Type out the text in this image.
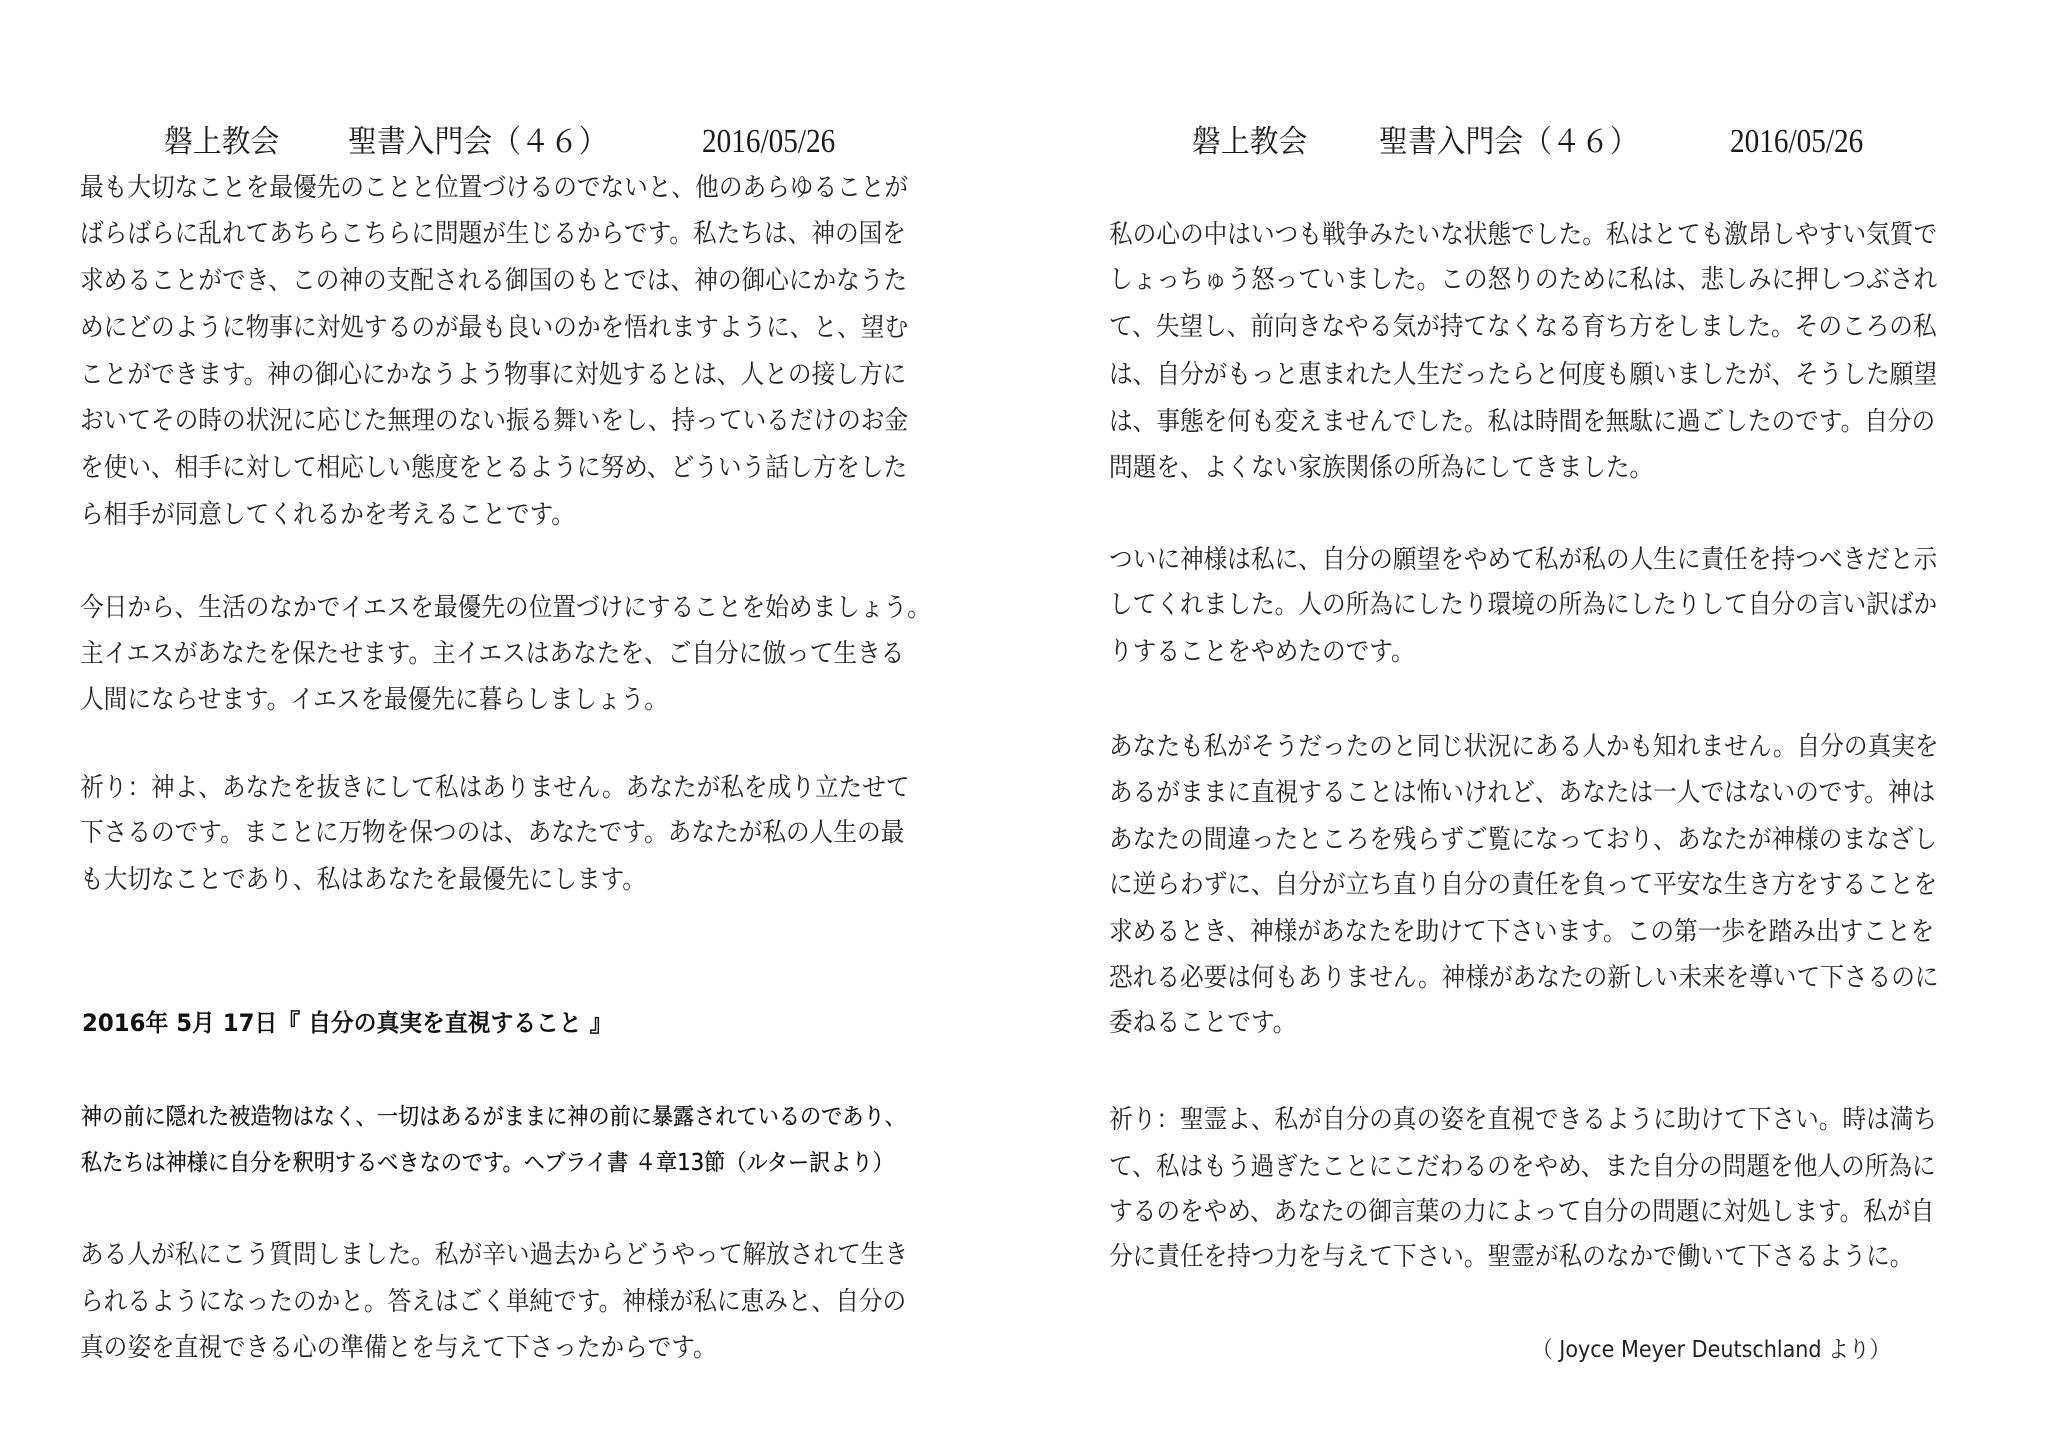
磐上教会 聖書入門会（４６）	2016/05/26
最も大切なことを最優先のことと位置づけるのでないと、他のあらゆることが
ばらばらに乱れてあちらこちらに問題が生じるからです。私たちは、神の国を
求めることができ、この神の支配される御国のもとでは、神の御心にかなうた
めにどのように物事に対処するのが最も良いのかを悟れますように、と、望む
ことができます。神の御心にかなうよう物事に対処するとは、人との接し方に
おいてその時の状況に応じた無理のない振る舞いをし、持っているだけのお金
を使い、相手に対して相応しい態度をとるように努め、どういう話し方をした
ら相手が同意してくれるかを考えることです。
今日から、生活のなかでイエスを最優先の位置づけにすることを始めましょう。
主イエスがあなたを保たせます。主イエスはあなたを、ご自分に倣って生きる
人間にならせます。イエスを最優先に暮らしましょう。
祈り：神よ、あなたを抜きにして私はありません。あなたが私を成り立たせて
下さるのです。まことに万物を保つのは、あなたです。あなたが私の人生の最
も大切なことであり、私はあなたを最優先にします。
2016年 5月 17日『 自分の真実を直視すること 』
神の前に隠れた被造物はなく、一切はあるがままに神の前に暴露されているのであり、
私たちは神様に自分を釈明するべきなのです。ヘブライ書 ４章13節（ルター訳より）
ある人が私にこう質問しました。私が辛い過去からどうやって解放されて生き
られるようになったのかと。答えはごく単純です。神様が私に恵みと、自分の
真の姿を直視できる心の準備とを与えて下さったからです。
磐上教会 聖書入門会（４６）	2016/05/26
私の心の中はいつも戦争みたいな状態でした。私はとても激昂しやすい気質で
しょっちゅう怒っていました。この怒りのために私は、悲しみに押しつぶされ
て、失望し、前向きなやる気が持てなくなる育ち方をしました。そのころの私
は、自分がもっと恵まれた人生だったらと何度も願いましたが、そうした願望
は、事態を何も変えませんでした。私は時間を無駄に過ごしたのです。自分の
問題を、よくない家族関係の所為にしてきました。
ついに神様は私に、自分の願望をやめて私が私の人生に責任を持つべきだと示
してくれました。人の所為にしたり環境の所為にしたりして自分の言い訳ばか
りすることをやめたのです。
あなたも私がそうだったのと同じ状況にある人かも知れません。自分の真実を
あるがままに直視することは怖いけれど、あなたは一人ではないのです。神は
あなたの間違ったところを残らずご覧になっており、あなたが神様のまなざし
に逆らわずに、自分が立ち直り自分の責任を負って平安な生き方をすることを
求めるとき、神様があなたを助けて下さいます。この第一歩を踏み出すことを
恐れる必要は何もありません。神様があなたの新しい未来を導いて下さるのに
委ねることです。
祈り：聖霊よ、私が自分の真の姿を直視できるように助けて下さい。時は満ち
て、私はもう過ぎたことにこだわるのをやめ、また自分の問題を他人の所為に
するのをやめ、あなたの御言葉の力によって自分の問題に対処します。私が自
分に責任を持つ力を与えて下さい。聖霊が私のなかで働いて下さるように。
（ Joyce Meyer Deutschland より）
